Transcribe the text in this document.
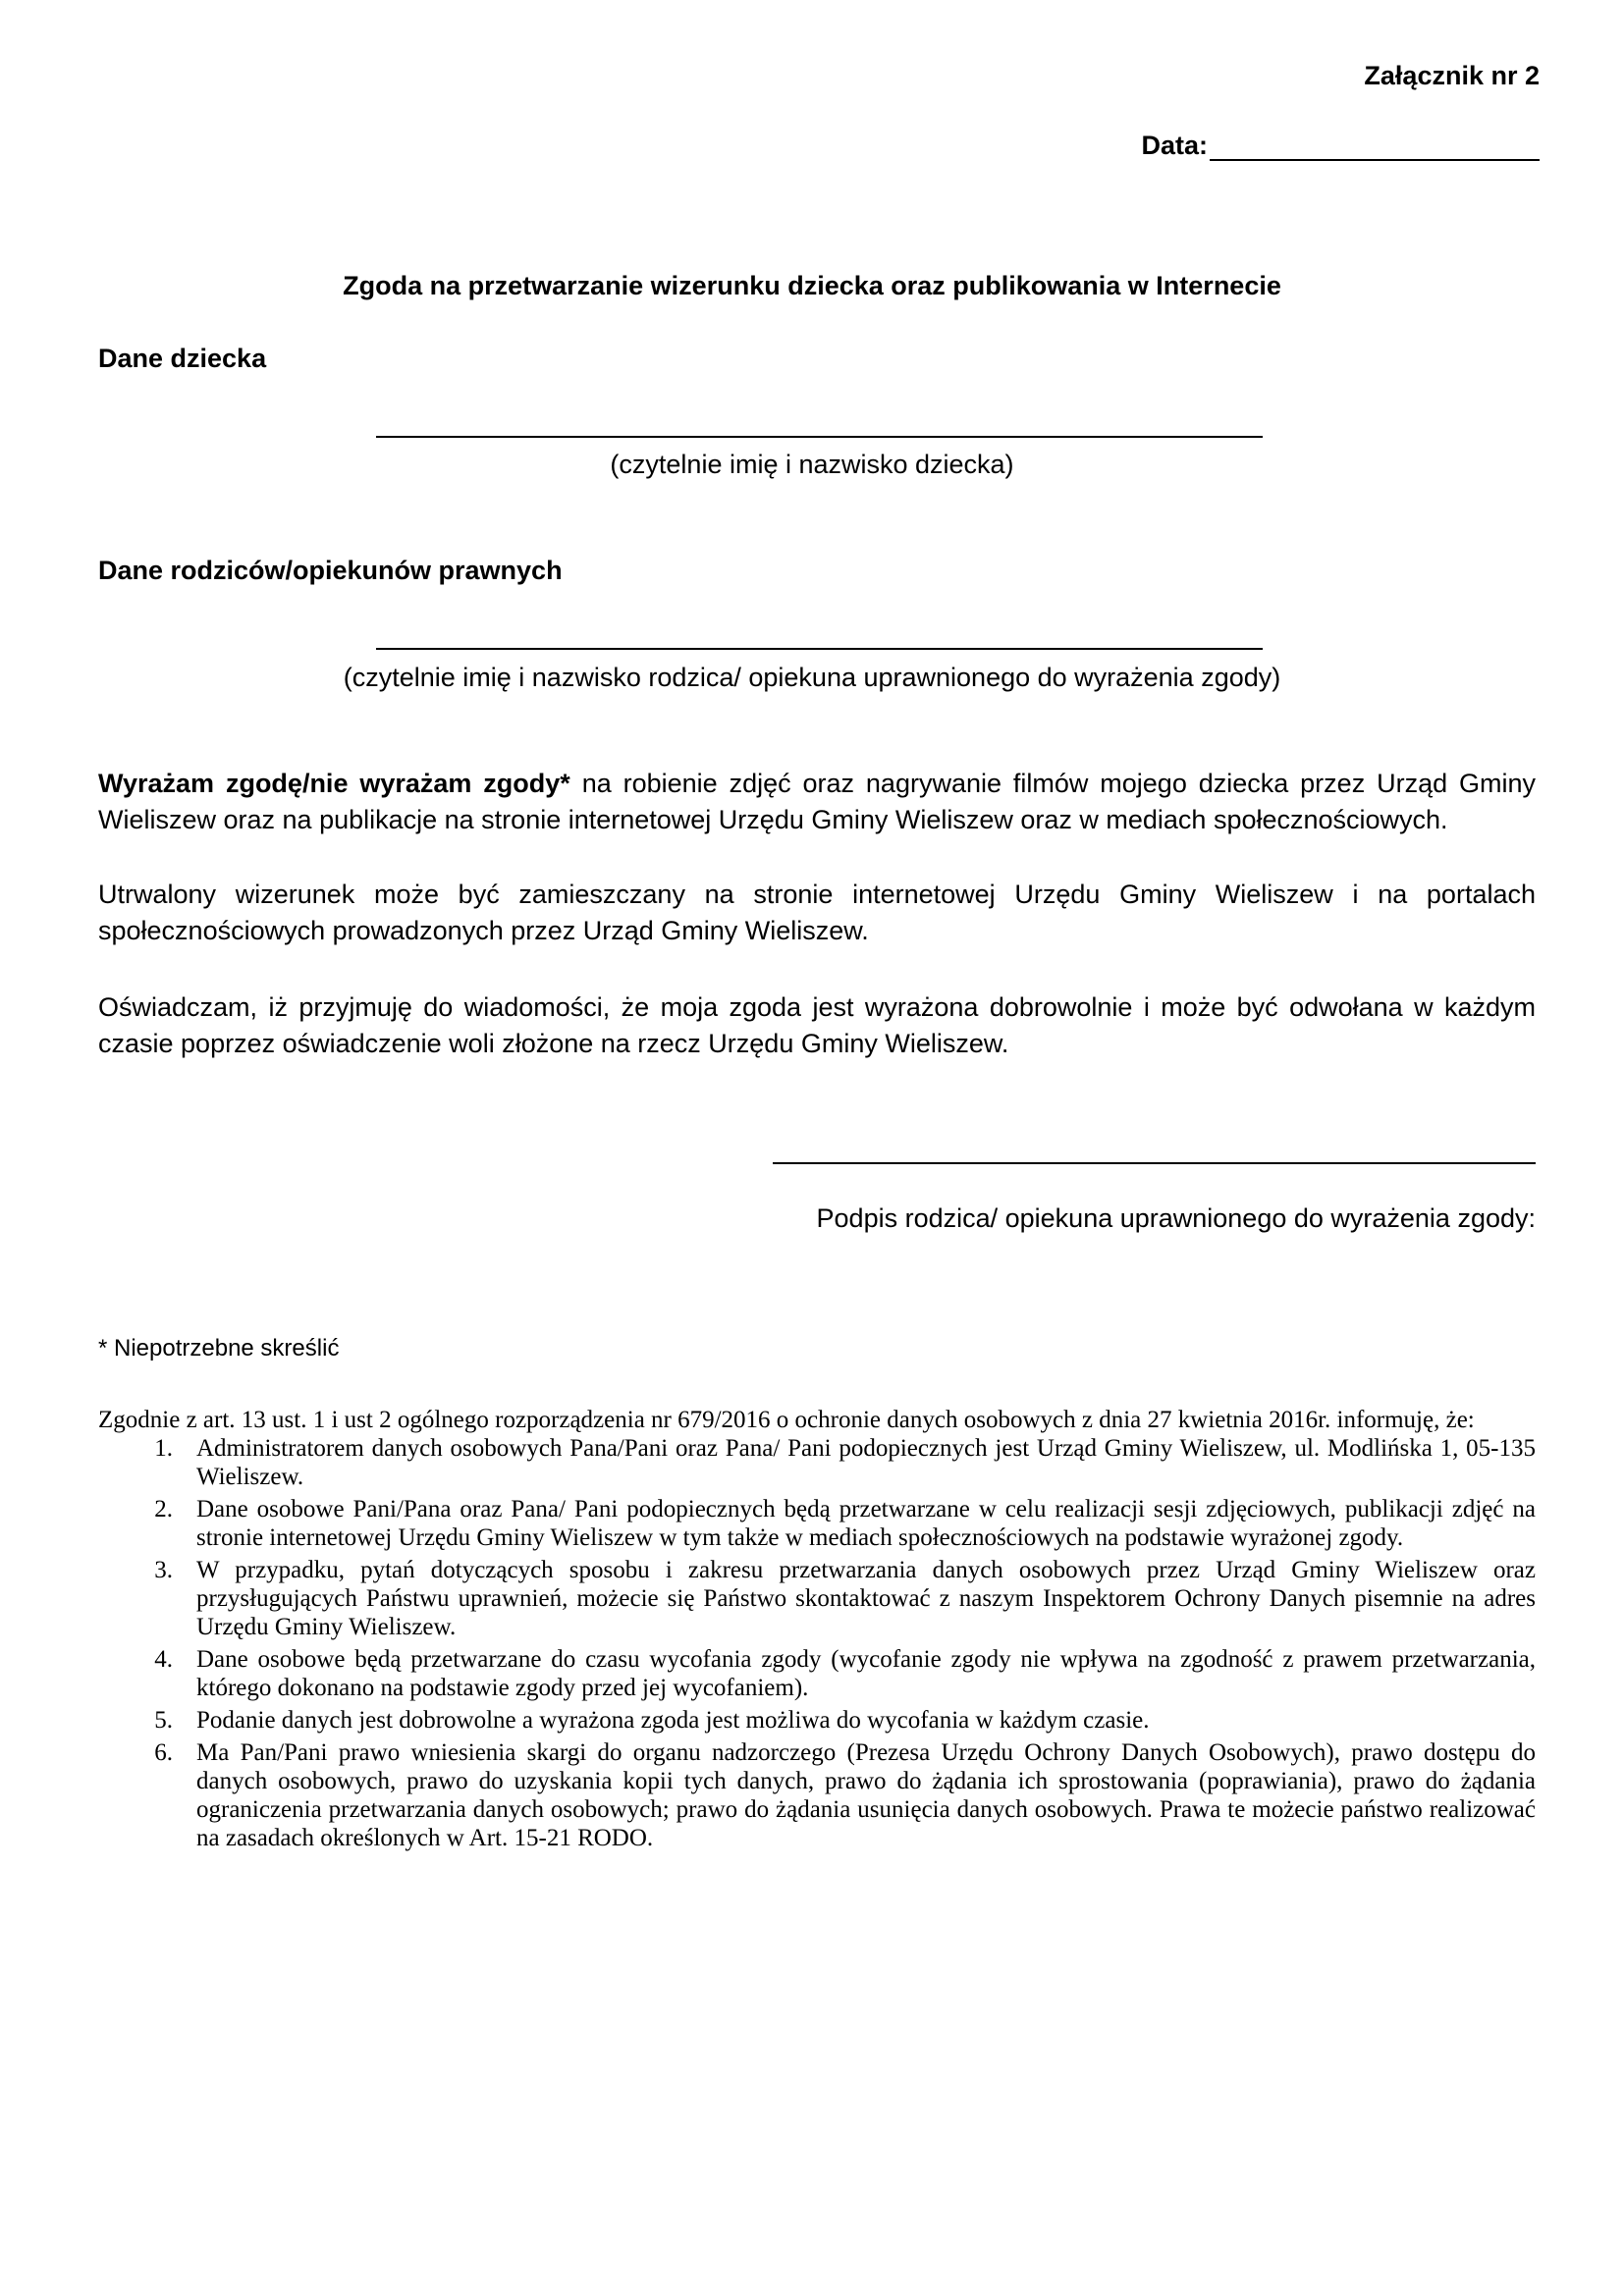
Załącznik nr 2
Data:
Zgoda na przetwarzanie wizerunku dziecka oraz publikowania w Internecie
Dane dziecka
(czytelnie imię i nazwisko dziecka)
Dane rodziców/opiekunów prawnych
(czytelnie imię i nazwisko rodzica/ opiekuna uprawnionego do wyrażenia zgody)

Wyrażam zgodę/nie wyrażam zgody* na robienie zdjęć oraz nagrywanie filmów mojego dziecka przez Urząd Gminy Wieliszew oraz na publikacje na stronie internetowej Urzędu Gminy Wieliszew oraz w mediach społecznościowych.

Utrwalony wizerunek może być zamieszczany na stronie internetowej Urzędu Gminy Wieliszew i na portalach społecznościowych prowadzonych przez Urząd Gminy Wieliszew.

Oświadczam, iż przyjmuję do wiadomości, że moja zgoda jest wyrażona dobrowolnie i może być odwołana w każdym czasie poprzez oświadczenie woli złożone na rzecz Urzędu Gminy Wieliszew.

Podpis rodzica/ opiekuna uprawnionego do wyrażenia zgody:
* Niepotrzebne skreślić

Zgodnie z art. 13 ust. 1 i ust 2 ogólnego rozporządzenia nr 679/2016 o ochronie danych osobowych z dnia 27 kwietnia 2016r. informuję, że:

1. Administratorem danych osobowych Pana/Pani oraz Pana/ Pani podopiecznych jest Urząd Gminy Wieliszew, ul. Modlińska 1, 05-135 Wieliszew.
2. Dane osobowe Pani/Pana oraz Pana/ Pani podopiecznych będą przetwarzane w celu realizacji sesji zdjęciowych, publikacji zdjęć na stronie internetowej Urzędu Gminy Wieliszew w tym także w mediach społecznościowych na podstawie wyrażonej zgody.
3. W przypadku, pytań dotyczących sposobu i zakresu przetwarzania danych osobowych przez Urząd Gminy Wieliszew oraz przysługujących Państwu uprawnień, możecie się Państwo skontaktować z naszym Inspektorem Ochrony Danych pisemnie na adres Urzędu Gminy Wieliszew.
4. Dane osobowe będą przetwarzane do czasu wycofania zgody (wycofanie zgody nie wpływa na zgodność z prawem przetwarzania, którego dokonano na podstawie zgody przed jej wycofaniem).
5. Podanie danych jest dobrowolne a wyrażona zgoda jest możliwa do wycofania w każdym czasie.
6. Ma Pan/Pani prawo wniesienia skargi do organu nadzorczego (Prezesa Urzędu Ochrony Danych Osobowych), prawo dostępu do danych osobowych, prawo do uzyskania kopii tych danych, prawo do żądania ich sprostowania (poprawiania), prawo do żądania ograniczenia przetwarzania danych osobowych; prawo do żądania usunięcia danych osobowych. Prawa te możecie państwo realizować na zasadach określonych w Art. 15-21 RODO.
